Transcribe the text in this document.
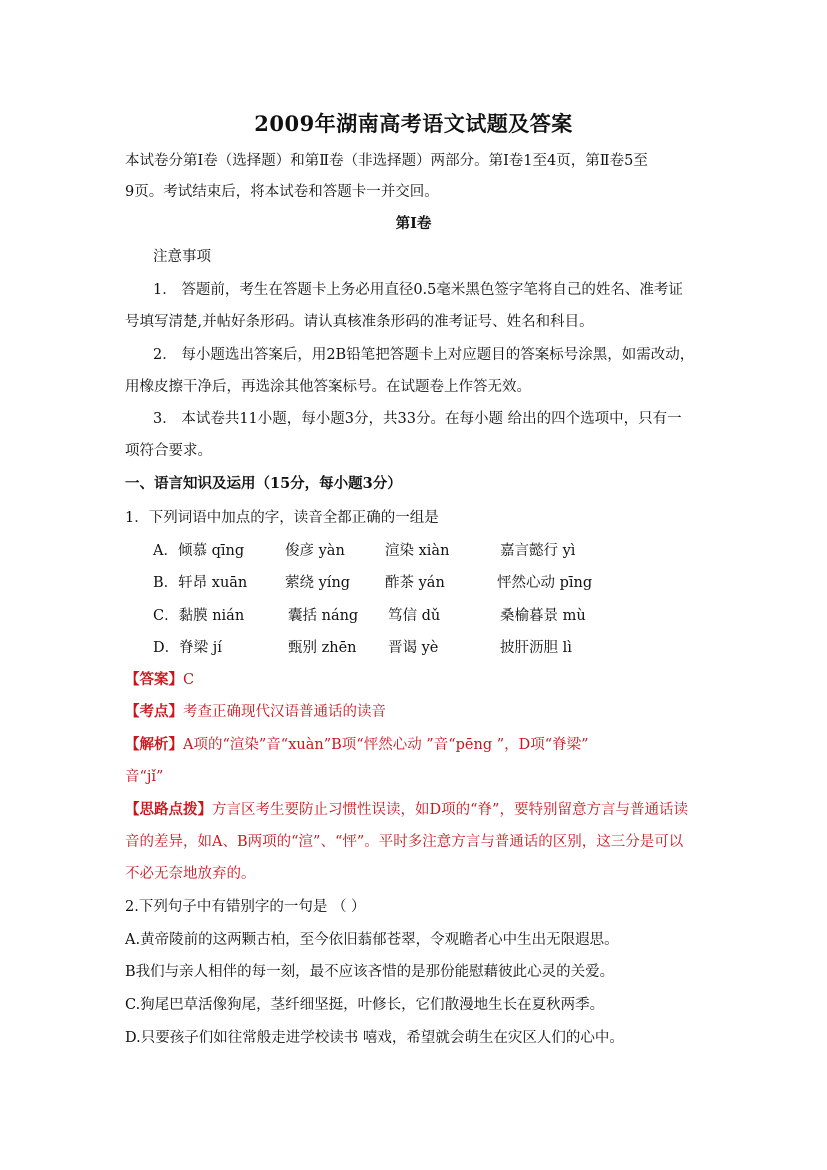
2009年湖南高考语文试题及答案
本试卷分第Ⅰ卷（选择题）和第Ⅱ卷（非选择题）两部分。第Ⅰ卷1至4页，第Ⅱ卷5至
9页。考试结束后，将本试卷和答题卡一并交回。
第Ⅰ卷
注意事项
1． 答题前，考生在答题卡上务必用直径0.5毫米黑色签字笔将自己的姓名、准考证
号填写清楚,并帖好条形码。请认真核准条形码的准考证号、姓名和科目。
2． 每小题选出答案后，用2B铅笔把答题卡上对应题目的答案标号涂黑，如需改动，
用橡皮擦干净后，再选涂其他答案标号。在试题卷上作答无效。
3． 本试卷共11小题，每小题3分，共33分。在每小题 给出的四个选项中，只有一
项符合要求。
一、语言知识及运用（15分，每小题3分）
1．下列词语中加点的字，读音全都正确的一组是
A．倾慕 qīng	俊彦 yàn	渲染 xiàn	嘉言懿行 yì
B．轩昂 xuān	萦绕 yíng 酢茶 yán	怦然心动 pīng
C．黏膜 nián	囊括 náng 笃信 dǔ	桑榆暮景 mù
D．脊梁 jí	甄别 zhēn 晋谒 yè	披肝沥胆 lì
【答案】C
【考点】考查正确现代汉语普通话的读音
【解析】A项的“渲染”音“xuàn”B项“怦然心动 ”音“pēng ”，D项“脊梁”
音“jǐ”
【思路点拨】方言区考生要防止习惯性误读，如D项的“脊”，要特别留意方言与普通话读
音的差异，如A、B两项的“渲”、“怦”。平时多注意方言与普通话的区别，这三分是可以
不必无奈地放弃的。
2.下列句子中有错别字的一句是 （ ）
A.黄帝陵前的这两颗古柏，至今依旧蓊郁苍翠，令观瞻者心中生出无限遐思。
B我们与亲人相伴的每一刻，最不应该吝惜的是那份能慰藉彼此心灵的关爱。
C.狗尾巴草活像狗尾，茎纤细坚挺，叶修长，它们散漫地生长在夏秋两季。
D.只要孩子们如往常般走进学校读书 嘻戏，希望就会萌生在灾区人们的心中。
